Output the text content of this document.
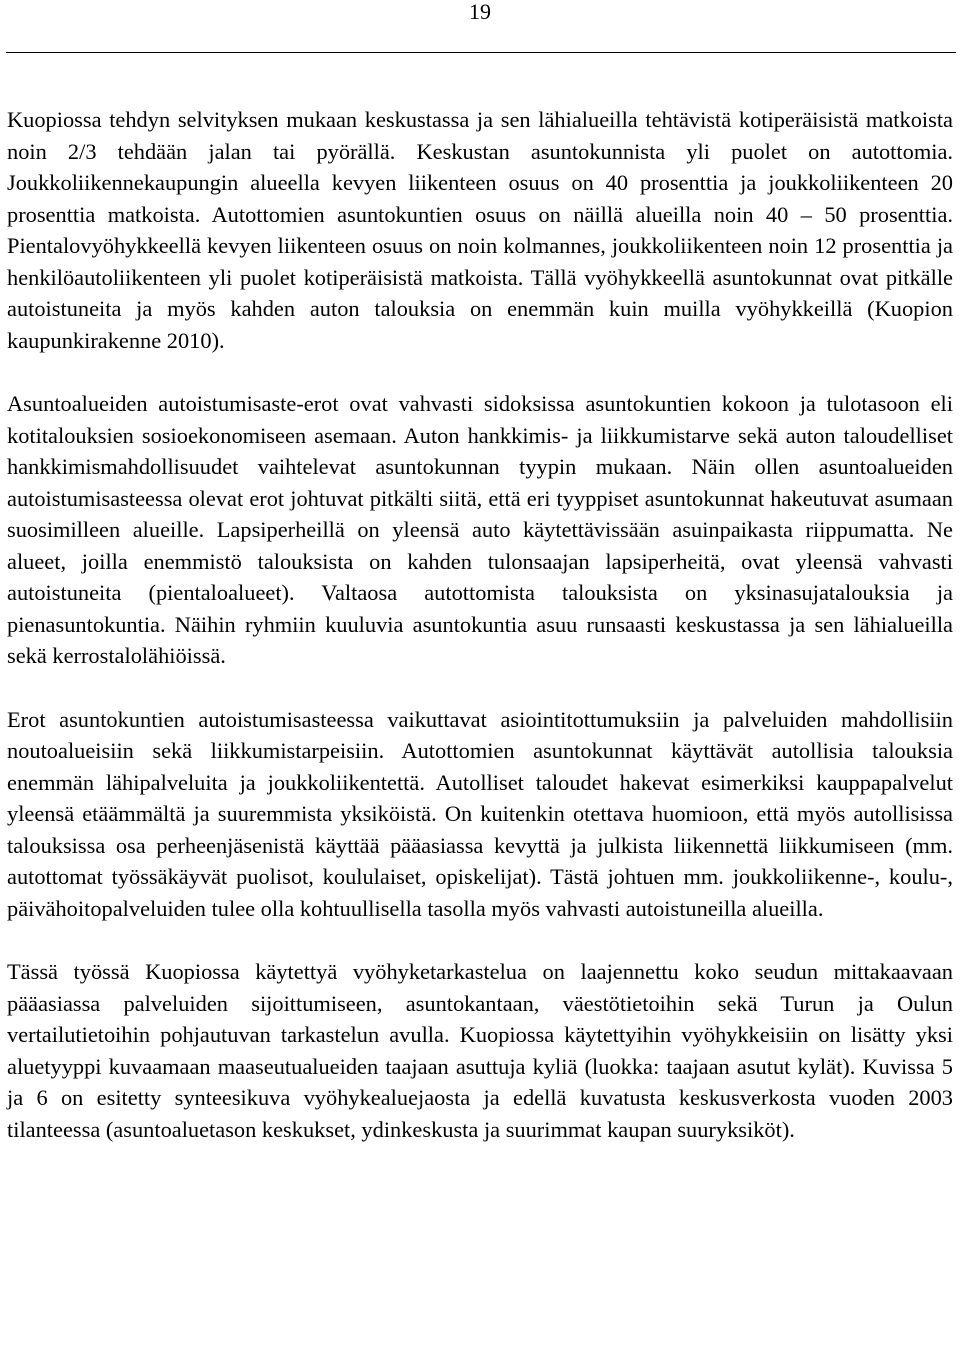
19

Kuopiossa tehdyn selvityksen mukaan keskustassa ja sen lähialueilla tehtävistä kotiperäisistä matkoista noin 2/3 tehdään jalan tai pyörällä. Keskustan asuntokunnista yli puolet on autottomia. Joukkoliikennekaupungin alueella kevyen liikenteen osuus on 40 prosenttia ja joukkoliikenteen 20 prosenttia matkoista. Autottomien asuntokuntien osuus on näillä alueilla noin 40 – 50 prosenttia. Pientalovyöhykkeellä kevyen liikenteen osuus on noin kolmannes, joukkoliikenteen noin 12 prosenttia ja henkilöautoliikenteen yli puolet kotiperäisistä matkoista. Tällä vyöhykkeellä asuntokunnat ovat pitkälle autoistuneita ja myös kahden auton talouksia on enemmän kuin muilla vyöhykkeillä (Kuopion kaupunkirakenne 2010).

Asuntoalueiden autoistumisaste-erot ovat vahvasti sidoksissa asuntokuntien kokoon ja tulotasoon eli kotitalouksien sosioekonomiseen asemaan. Auton hankkimis- ja liikkumistarve sekä auton taloudelliset hankkimismahdollisuudet vaihtelevat asuntokunnan tyypin mukaan. Näin ollen asuntoalueiden autoistumisasteessa olevat erot johtuvat pitkälti siitä, että eri tyyppiset asuntokunnat hakeutuvat asumaan suosimilleen alueille. Lapsiperheillä on yleensä auto käytettävissään asuinpaikasta riippumatta. Ne alueet, joilla enemmistö talouksista on kahden tulonsaajan lapsiperheitä, ovat yleensä vahvasti autoistuneita (pientaloalueet). Valtaosa autottomista talouksista on yksinasujatalouksia ja pienasuntokuntia. Näihin ryhmiin kuuluvia asuntokuntia asuu runsaasti keskustassa ja sen lähialueilla sekä kerrostalolähiöissä.

Erot asuntokuntien autoistumisasteessa vaikuttavat asiointitottumuksiin ja palveluiden mahdollisiin noutoalueisiin sekä liikkumistarpeisiin. Autottomien asuntokunnat käyttävät autollisia talouksia enemmän lähipalveluita ja joukkoliikentettä. Autolliset taloudet hakevat esimerkiksi kauppapalvelut yleensä etäämmältä ja suuremmista yksiköistä. On kuitenkin otettava huomioon, että myös autollisissa talouksissa osa perheenjäsenistä käyttää pääasiassa kevyttä ja julkista liikennettä liikkumiseen (mm. autottomat työssäkäyvät puolisot, koululaiset, opiskelijat). Tästä johtuen mm. joukkoliikenne-, koulu-, päivähoitopalveluiden tulee olla kohtuullisella tasolla myös vahvasti autoistuneilla alueilla.

Tässä työssä Kuopiossa käytettyä vyöhyketarkastelua on laajennettu koko seudun mittakaavaan pääasiassa palveluiden sijoittumiseen, asuntokantaan, väestötietoihin sekä Turun ja Oulun vertailutietoihin pohjautuvan tarkastelun avulla. Kuopiossa käytettyihin vyöhykkeisiin on lisätty yksi aluetyyppi kuvaamaan maaseutualueiden taajaan asuttuja kyliä (luokka: taajaan asutut kylät). Kuvissa 5 ja 6 on esitetty synteesikuva vyöhykealuejaosta ja edellä kuvatusta keskusverkosta vuoden 2003 tilanteessa (asuntoaluetason keskukset, ydinkeskusta ja suurimmat kaupan suuryksiköt).
